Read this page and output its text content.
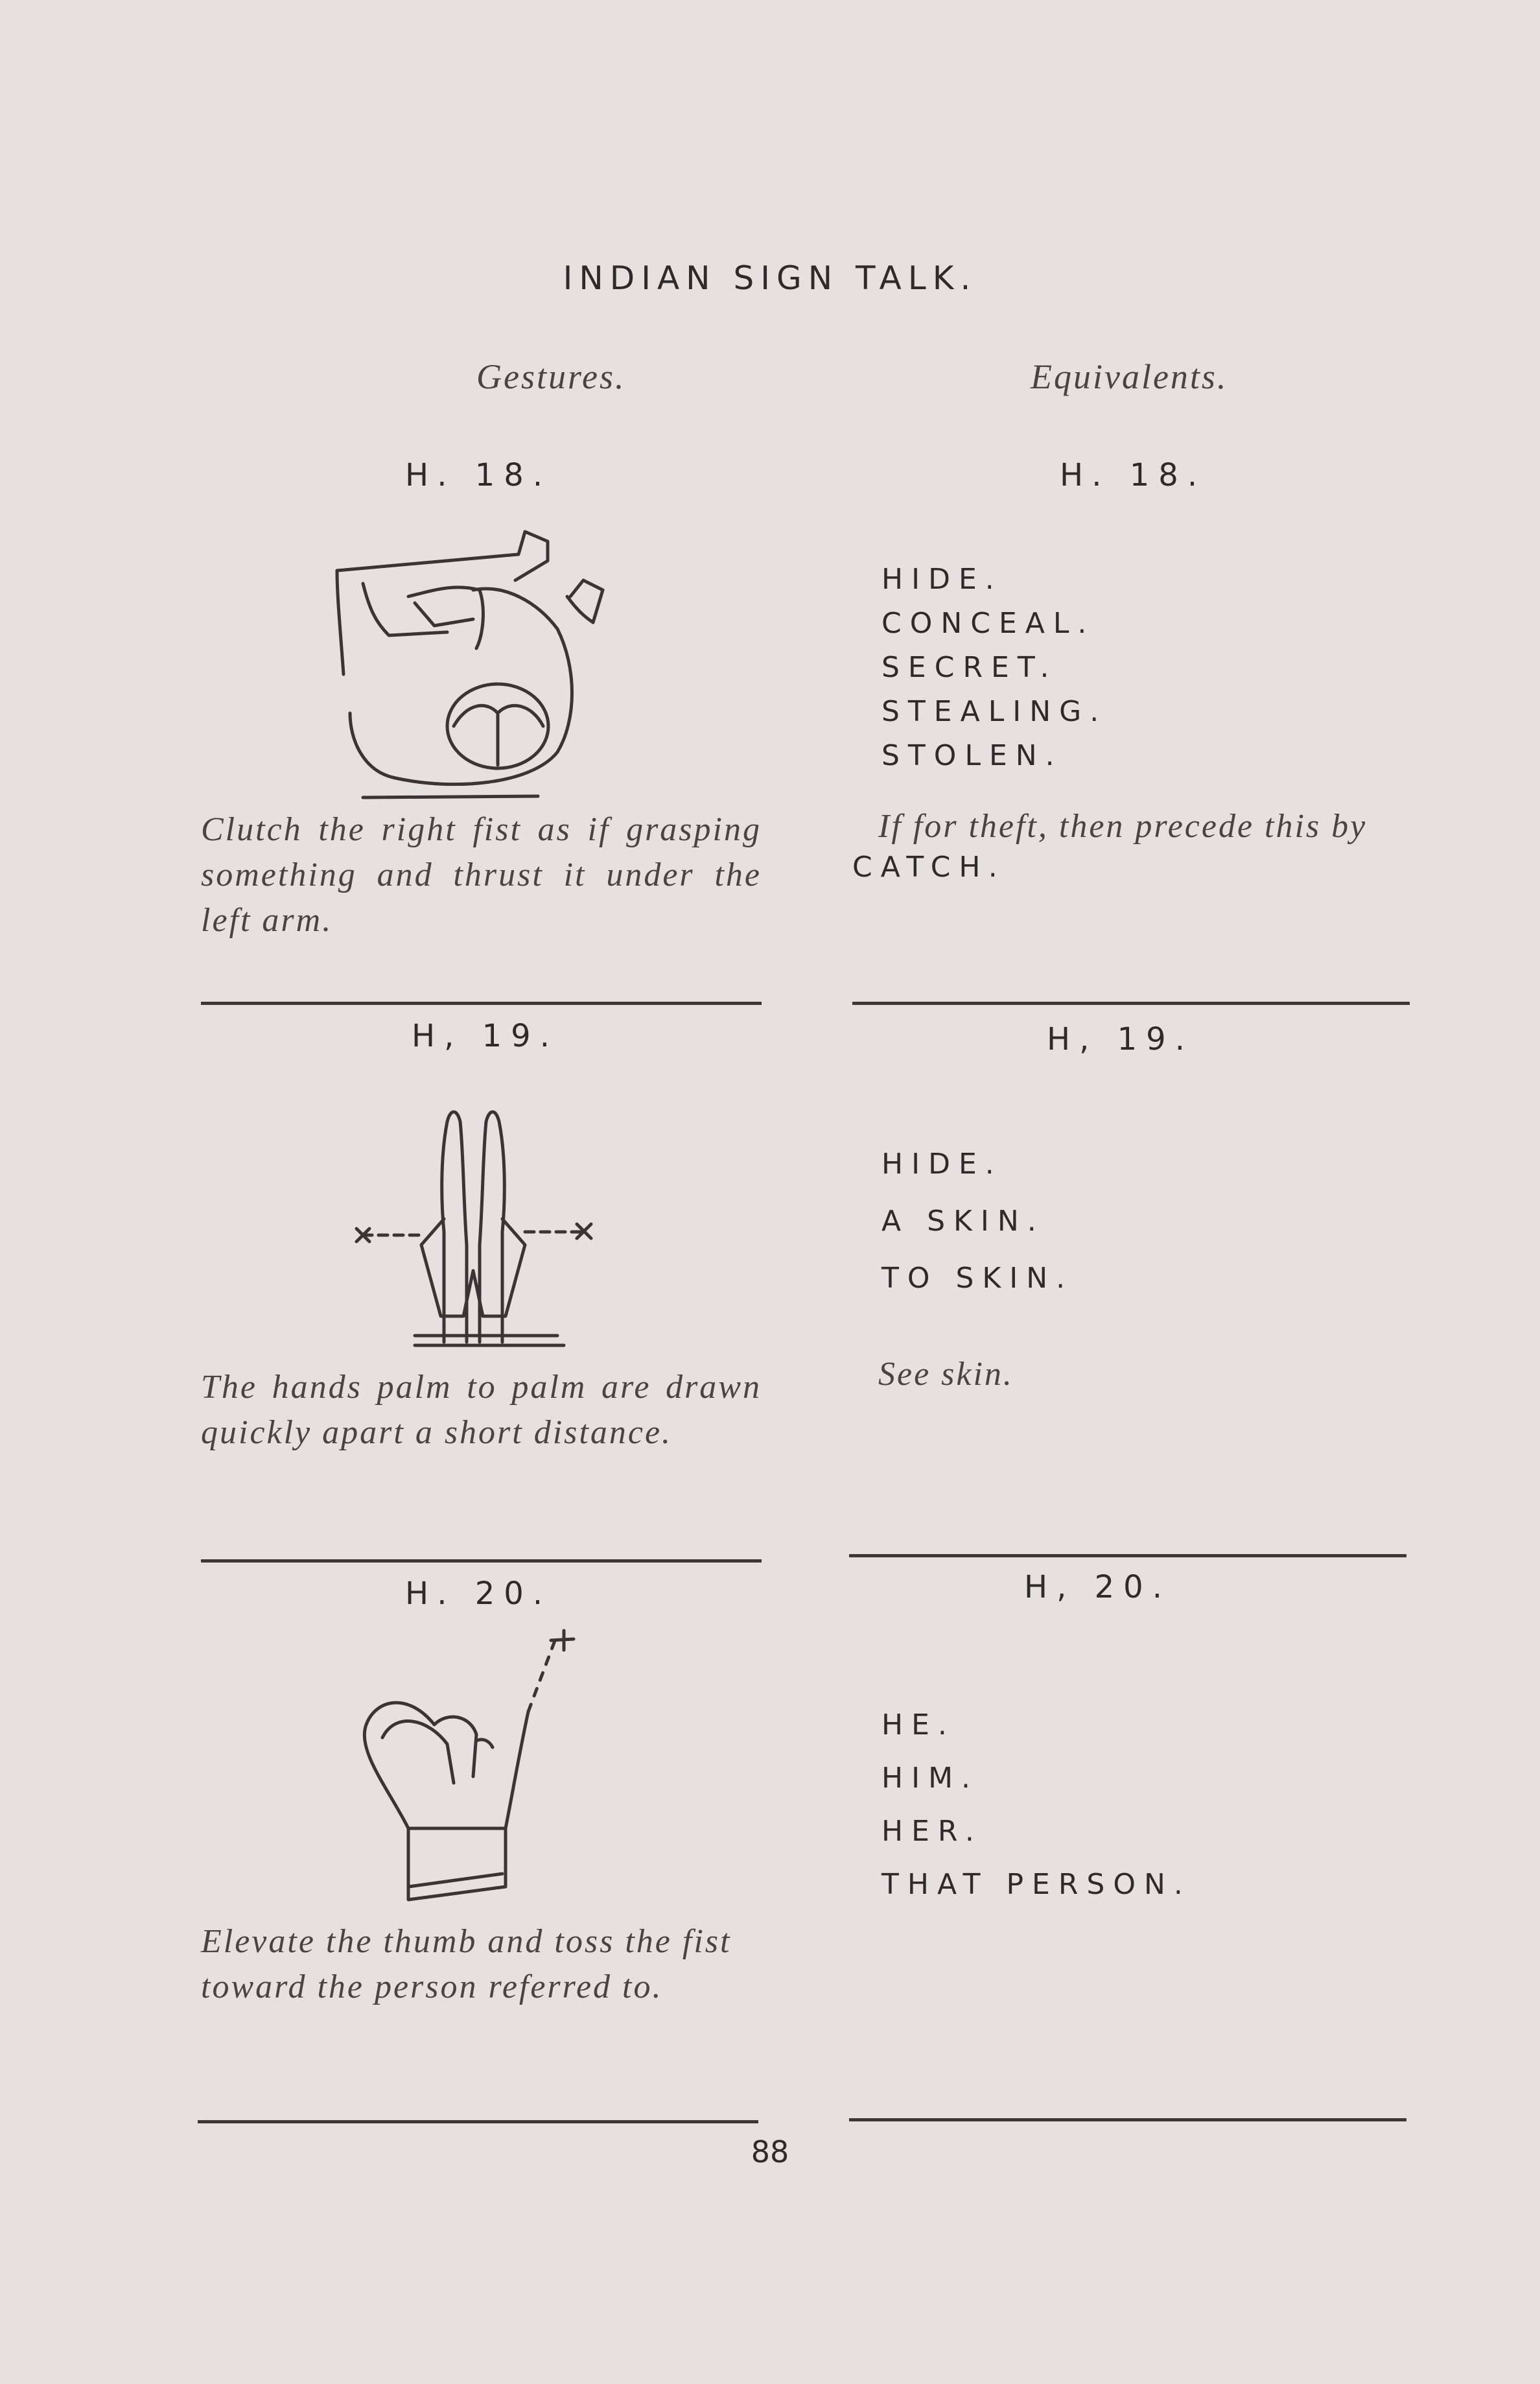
INDIAN SIGN TALK.
Gestures.	Equivalents.
H. 18.	H. 18.
Clutch the right fist as if grasping something and thrust it under the left arm.
HIDE.
CONCEAL.
SECRET.
STEALING.
STOLEN.
If for theft, then precede this by
CATCH.
H, 19.	H, 19.
The hands palm to palm are drawn quickly apart a short distance.
HIDE.
A SKIN.
TO SKIN.
See skin.
H. 20.	H, 20.
Elevate the thumb and toss the fist toward the person referred to.
HE.
HIM.
HER.
THAT PERSON.
88
